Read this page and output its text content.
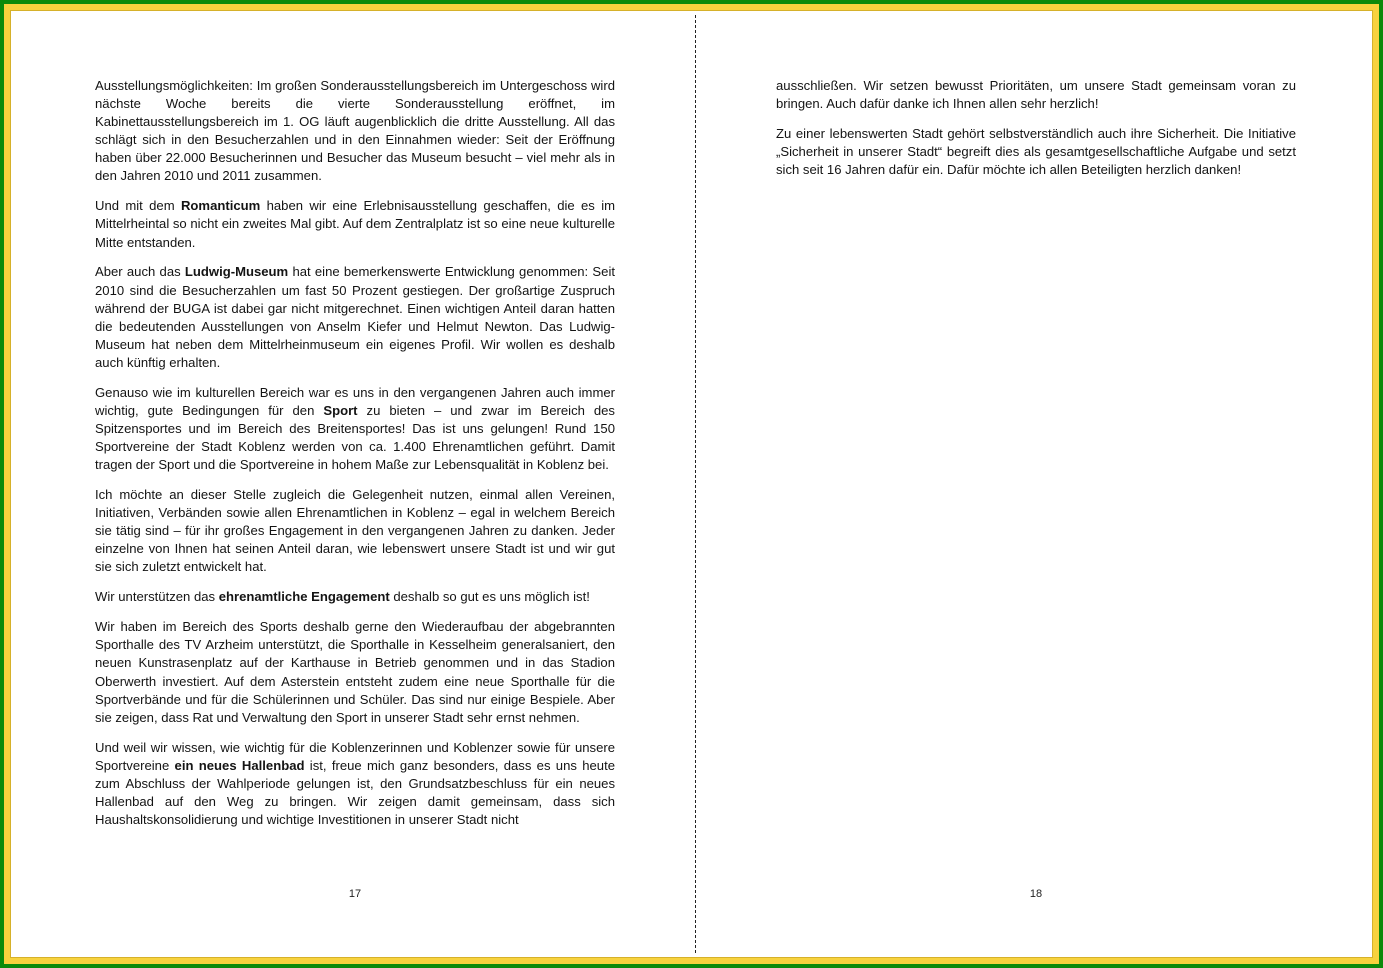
Ausstellungsmöglichkeiten: Im großen Sonderausstellungsbereich im Untergeschoss wird nächste Woche bereits die vierte Sonderausstellung eröffnet, im Kabinettausstellungsbereich im 1. OG läuft augenblicklich die dritte Ausstellung. All das schlägt sich in den Besucherzahlen und in den Einnahmen wieder: Seit der Eröffnung haben über 22.000 Besucherinnen und Besucher das Museum besucht – viel mehr als in den Jahren 2010 und 2011 zusammen.

Und mit dem Romanticum haben wir eine Erlebnisausstellung geschaffen, die es im Mittelrheintal so nicht ein zweites Mal gibt. Auf dem Zentralplatz ist so eine neue kulturelle Mitte entstanden.

Aber auch das Ludwig-Museum hat eine bemerkenswerte Entwicklung genommen: Seit 2010 sind die Besucherzahlen um fast 50 Prozent gestiegen. Der großartige Zuspruch während der BUGA ist dabei gar nicht mitgerechnet. Einen wichtigen Anteil daran hatten die bedeutenden Ausstellungen von Anselm Kiefer und Helmut Newton. Das Ludwig-Museum hat neben dem Mittelrheinmuseum ein eigenes Profil. Wir wollen es deshalb auch künftig erhalten.

Genauso wie im kulturellen Bereich war es uns in den vergangenen Jahren auch immer wichtig, gute Bedingungen für den Sport zu bieten – und zwar im Bereich des Spitzensportes und im Bereich des Breitensportes! Das ist uns gelungen! Rund 150 Sportvereine der Stadt Koblenz werden von ca. 1.400 Ehrenamtlichen geführt. Damit tragen der Sport und die Sportvereine in hohem Maße zur Lebensqualität in Koblenz bei.

Ich möchte an dieser Stelle zugleich die Gelegenheit nutzen, einmal allen Vereinen, Initiativen, Verbänden sowie allen Ehrenamtlichen in Koblenz – egal in welchem Bereich sie tätig sind – für ihr großes Engagement in den vergangenen Jahren zu danken. Jeder einzelne von Ihnen hat seinen Anteil daran, wie lebenswert unsere Stadt ist und wir gut sie sich zuletzt entwickelt hat.

Wir unterstützen das ehrenamtliche Engagement deshalb so gut es uns möglich ist!

Wir haben im Bereich des Sports deshalb gerne den Wiederaufbau der abgebrannten Sporthalle des TV Arzheim unterstützt, die Sporthalle in Kesselheim generalsaniert, den neuen Kunstrasenplatz auf der Karthause in Betrieb genommen und in das Stadion Oberwerth investiert. Auf dem Asterstein entsteht zudem eine neue Sporthalle für die Sportverbände und für die Schülerinnen und Schüler. Das sind nur einige Bespiele. Aber sie zeigen, dass Rat und Verwaltung den Sport in unserer Stadt sehr ernst nehmen.

Und weil wir wissen, wie wichtig für die Koblenzerinnen und Koblenzer sowie für unsere Sportvereine ein neues Hallenbad ist, freue mich ganz besonders, dass es uns heute zum Abschluss der Wahlperiode gelungen ist, den Grundsatzbeschluss für ein neues Hallenbad auf den Weg zu bringen. Wir zeigen damit gemeinsam, dass sich Haushaltskonsolidierung und wichtige Investitionen in unserer Stadt nicht

ausschließen. Wir setzen bewusst Prioritäten, um unsere Stadt gemeinsam voran zu bringen. Auch dafür danke ich Ihnen allen sehr herzlich!

Zu einer lebenswerten Stadt gehört selbstverständlich auch ihre Sicherheit. Die Initiative „Sicherheit in unserer Stadt“ begreift dies als gesamtgesellschaftliche Aufgabe und setzt sich seit 16 Jahren dafür ein. Dafür möchte ich allen Beteiligten herzlich danken!

17	18
